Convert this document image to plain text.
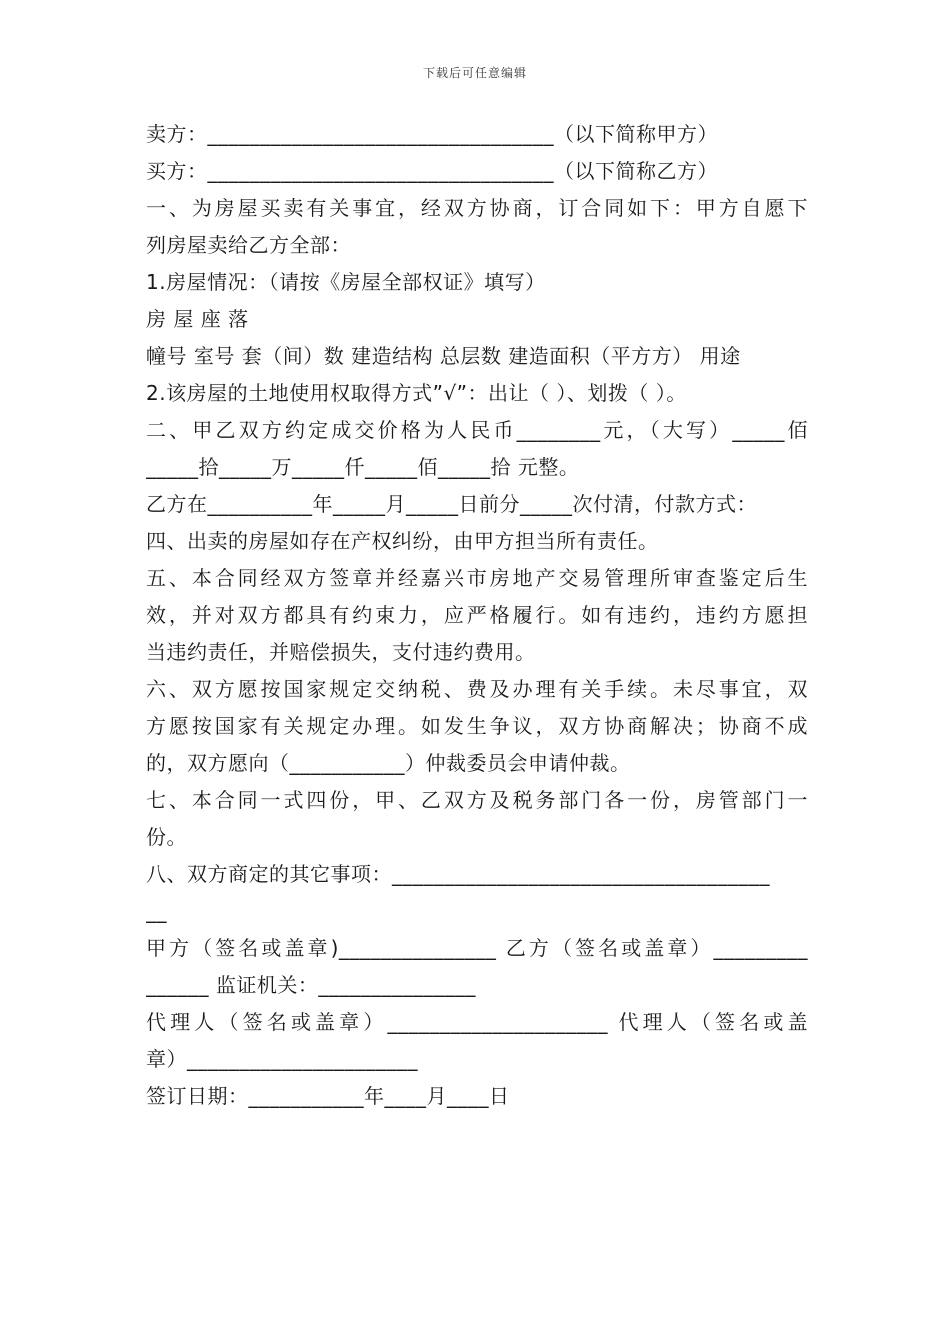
下载后可任意编辑
卖方：_________________________________（以下简称甲方）
买方：_________________________________（以下简称乙方）
一、为房屋买卖有关事宜，经双方协商，订合同如下：甲方自愿下
列房屋卖给乙方全部：
1.房屋情况：（请按《房屋全部权证》填写）
房 屋 座 落
幢号 室号 套（间）数 建造结构 总层数 建造面积（平方方） 用途
2.该房屋的土地使用权取得方式”√”：出让（ ）、划拨（ ）。
二、甲乙双方约定成交价格为人民币________元，（大写）_____佰
_____拾_____万_____仟_____佰_____拾 元整。
乙方在__________年_____月_____日前分_____次付清，付款方式：
四、出卖的房屋如存在产权纠纷，由甲方担当所有责任。
五、本合同经双方签章并经嘉兴市房地产交易管理所审查鉴定后生
效，并对双方都具有约束力，应严格履行。如有违约，违约方愿担
当违约责任，并赔偿损失，支付违约费用。
六、双方愿按国家规定交纳税、费及办理有关手续。未尽事宜，双
方愿按国家有关规定办理。如发生争议，双方协商解决；协商不成
的，双方愿向（___________）仲裁委员会申请仲裁。
七、本合同一式四份，甲、乙双方及税务部门各一份，房管部门一
份。
八、双方商定的其它事项：____________________________________
__
甲方（签名或盖章)_______________ 乙方（签名或盖章）_________
______ 监证机关：_______________
代理人（签名或盖章）_____________________ 代理人（签名或盖
章）______________________
签订日期：___________年____月____日
